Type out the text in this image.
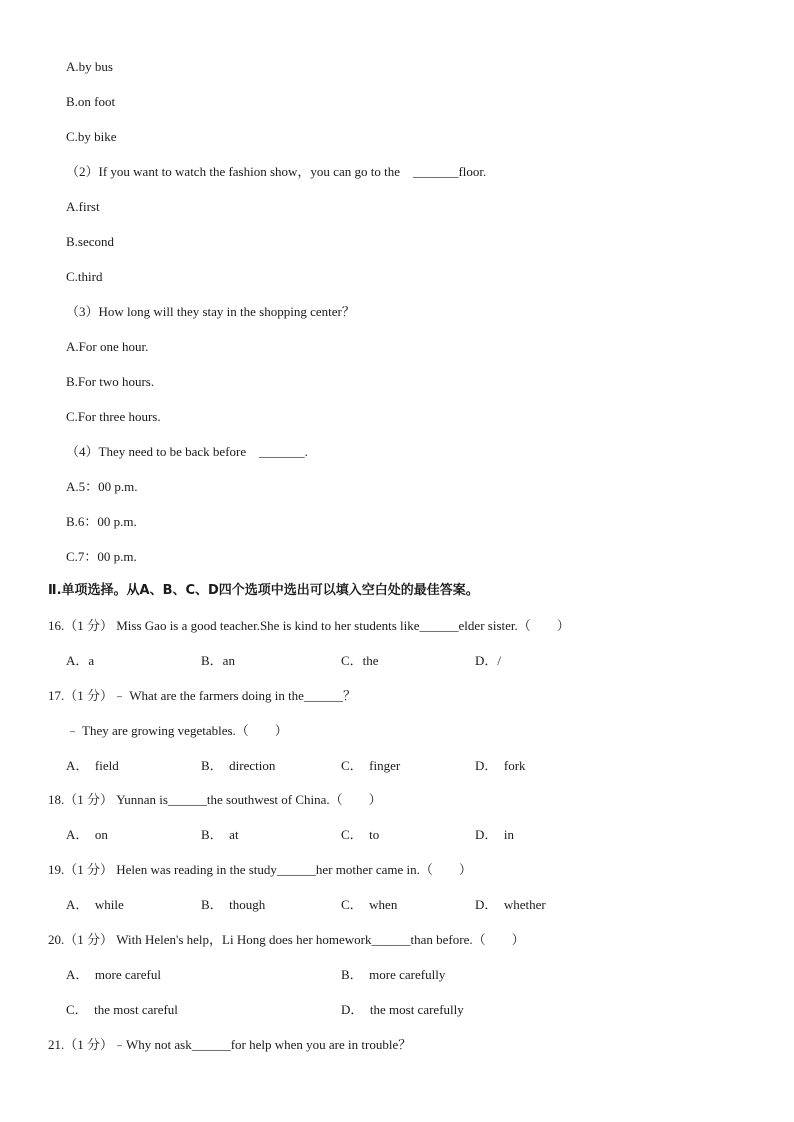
A.by bus
B.on foot
C.by bike
（2）If you want to watch the fashion show，you can go to the    _______floor.
A.first
B.second
C.third
（3）How long will they stay in the shopping center？
A.For one hour.
B.For two hours.
C.For three hours.
（4）They need to be back before    _______.
A.5：00 p.m.
B.6：00 p.m.
C.7：00 p.m.
Ⅱ.单项选择。从A、B、C、D四个选项中选出可以填入空白处的最佳答案。
16.（1 分） Miss Gao is a good teacher.She is kind to her students like______elder sister.（        ）
A．a	B．an	C．the	D．/
17.（1 分）﹣ What are the farmers doing in the______？
﹣ They are growing vegetables.（        ）
A．  field	B．  direction	C．  finger	D．  fork
18.（1 分） Yunnan is______the southwest of China.（        ）
A．  on	B．  at	C．  to	D．  in
19.（1 分） Helen was reading in the study______her mother came in.（        ）
A．  while	B．  though	C．  when	D．  whether
20.（1 分） With Helen's help，Li Hong does her homework______than before.（        ）
A．  more careful	B．  more carefully
C．  the most careful	D．  the most carefully
21.（1 分）﹣Why not ask______for help when you are in trouble？
